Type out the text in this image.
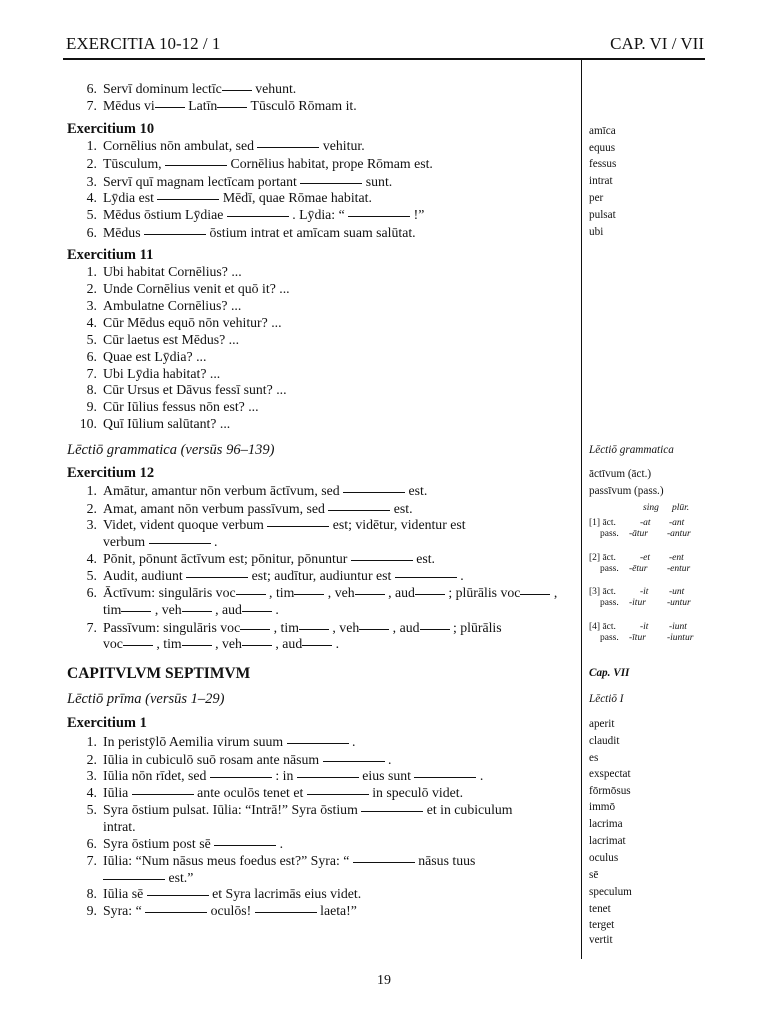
EXERCITIA 10-12 / 1	CAP. VI / VII
6. Servī dominum lectīc vehunt.
7. Mēdus vi Latīn Tūsculō Rōmam it.
Exercitium 10
1. Cornēlius nōn ambulat, sed	vehitur.
2. Tūsculum,	Cornēlius habitat, prope Rōmam est.
3. Servī quī magnam lectīcam portant	sunt.
4. Lȳdia est	Mēdī, quae Rōmae habitat.
5. Mēdus ōstium Lȳdiae	. Lȳdia: “	!”
6. Mēdus	ōstium intrat et amīcam suam salūtat.
Exercitium 11
1. Ubi habitat Cornēlius? ...
2. Unde Cornēlius venit et quō it? ...
3. Ambulatne Cornēlius? ...
4. Cūr Mēdus equō nōn vehitur? ...
5. Cūr laetus est Mēdus? ...
6. Quae est Lȳdia? ...
7. Ubi Lȳdia habitat? ...
8. Cūr Ursus et Dāvus fessī sunt? ...
9. Cūr Iūlius fessus nōn est? ...
10. Quī Iūlium salūtant? ...
Lēctiō grammatica (versūs 96–139)
Exercitium 12
1. Amātur, amantur nōn verbum āctīvum, sed	est.
2. Amat, amant nōn verbum passīvum, sed	est.
3. Videt, vident quoque verbum	est; vidētur, videntur est
verbum	.
4. Pōnit, pōnunt āctīvum est; pōnitur, pōnuntur	est.
5. Audit, audiunt	est; audītur, audiuntur est	.
6. Āctīvum: singulāris voc , tim , veh , aud ; plūrālis voc ,
tim , veh , aud .
7. Passīvum: singulāris voc , tim , veh , aud ; plūrālis
voc , tim , veh , aud .
CAPITVLVM SEPTIMVM
Lēctiō prīma (versūs 1–29)
Exercitium 1
1. In peristȳlō Aemilia virum suum	.
2. Iūlia in cubiculō suō rosam ante nāsum	.
3. Iūlia nōn rīdet, sed	: in	eius sunt	.
4. Iūlia	ante oculōs tenet et	in speculō videt.
5. Syra ōstium pulsat. Iūlia: “Intrā!” Syra ōstium	et in cubiculum
intrat.
6. Syra ōstium post sē	.
7. Iūlia: “Num nāsus meus foedus est?” Syra: “	nāsus tuus
est.”
8. Iūlia sē	et Syra lacrimās eius videt.
9. Syra: “	oculōs!	laeta!”
amīca
equus
fessus
intrat
per
pulsat
ubi
Lēctiō grammatica
āctīvum (āct.)
passīvum (pass.)
sing plūr.
[1] āct.	-at -ant
pass. -ātur -antur
[2] āct.	-et -ent
pass. -ētur -entur
[3] āct.	-it -unt
pass. -itur -untur
[4] āct.	-it -iunt
pass. -ītur -iuntur
Cap. VII
Lēctiō I
aperit
claudit
es
exspectat
fōrmōsus
immō
lacrima
lacrimat
oculus
sē
speculum
tenet
terget
vertit
19
